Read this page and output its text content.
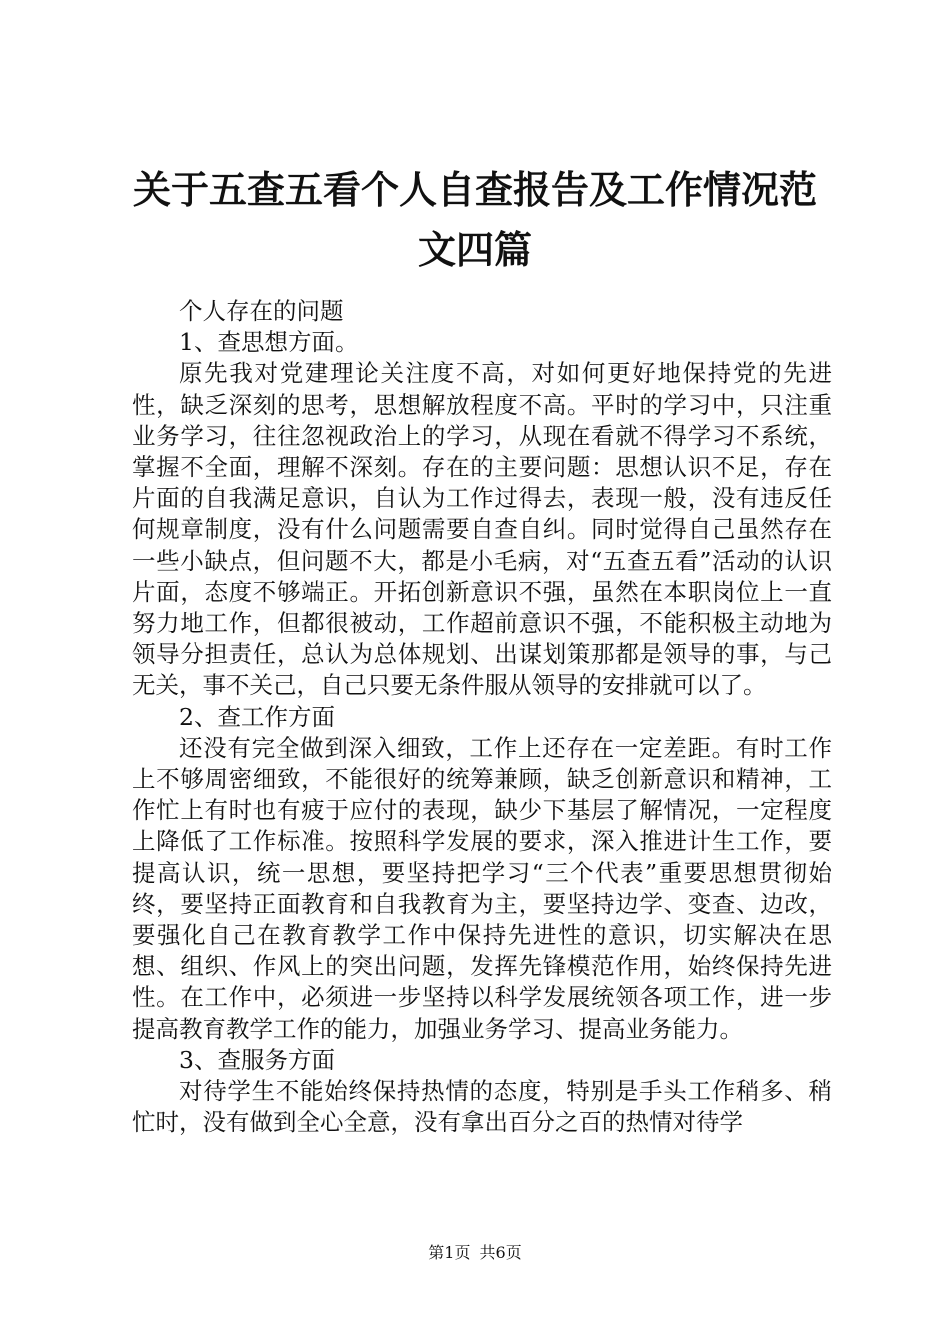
关于五查五看个人自查报告及工作情况范文四篇

个人存在的问题

1、查思想方面。

原先我对党建理论关注度不高，对如何更好地保持党的先进性，缺乏深刻的思考，思想解放程度不高。平时的学习中，只注重业务学习，往往忽视政治上的学习，从现在看就不得学习不系统，掌握不全面，理解不深刻。存在的主要问题：思想认识不足，存在片面的自我满足意识，自认为工作过得去，表现一般，没有违反任何规章制度，没有什么问题需要自查自纠。同时觉得自己虽然存在一些小缺点，但问题不大，都是小毛病，对“五查五看”活动的认识片面，态度不够端正。开拓创新意识不强，虽然在本职岗位上一直努力地工作，但都很被动，工作超前意识不强，不能积极主动地为领导分担责任，总认为总体规划、出谋划策那都是领导的事，与己无关，事不关己，自己只要无条件服从领导的安排就可以了。

2、查工作方面

还没有完全做到深入细致，工作上还存在一定差距。有时工作上不够周密细致，不能很好的统筹兼顾，缺乏创新意识和精神，工作忙上有时也有疲于应付的表现，缺少下基层了解情况，一定程度上降低了工作标准。按照科学发展的要求，深入推进计生工作，要提高认识，统一思想，要坚持把学习“三个代表”重要思想贯彻始终，要坚持正面教育和自我教育为主，要坚持边学、变查、边改，要强化自己在教育教学工作中保持先进性的意识，切实解决在思想、组织、作风上的突出问题，发挥先锋模范作用，始终保持先进性。在工作中，必须进一步坚持以科学发展统领各项工作，进一步提高教育教学工作的能力，加强业务学习、提高业务能力。

3、查服务方面

对待学生不能始终保持热情的态度，特别是手头工作稍多、稍忙时，没有做到全心全意，没有拿出百分之百的热情对待学

第1页 共6页
